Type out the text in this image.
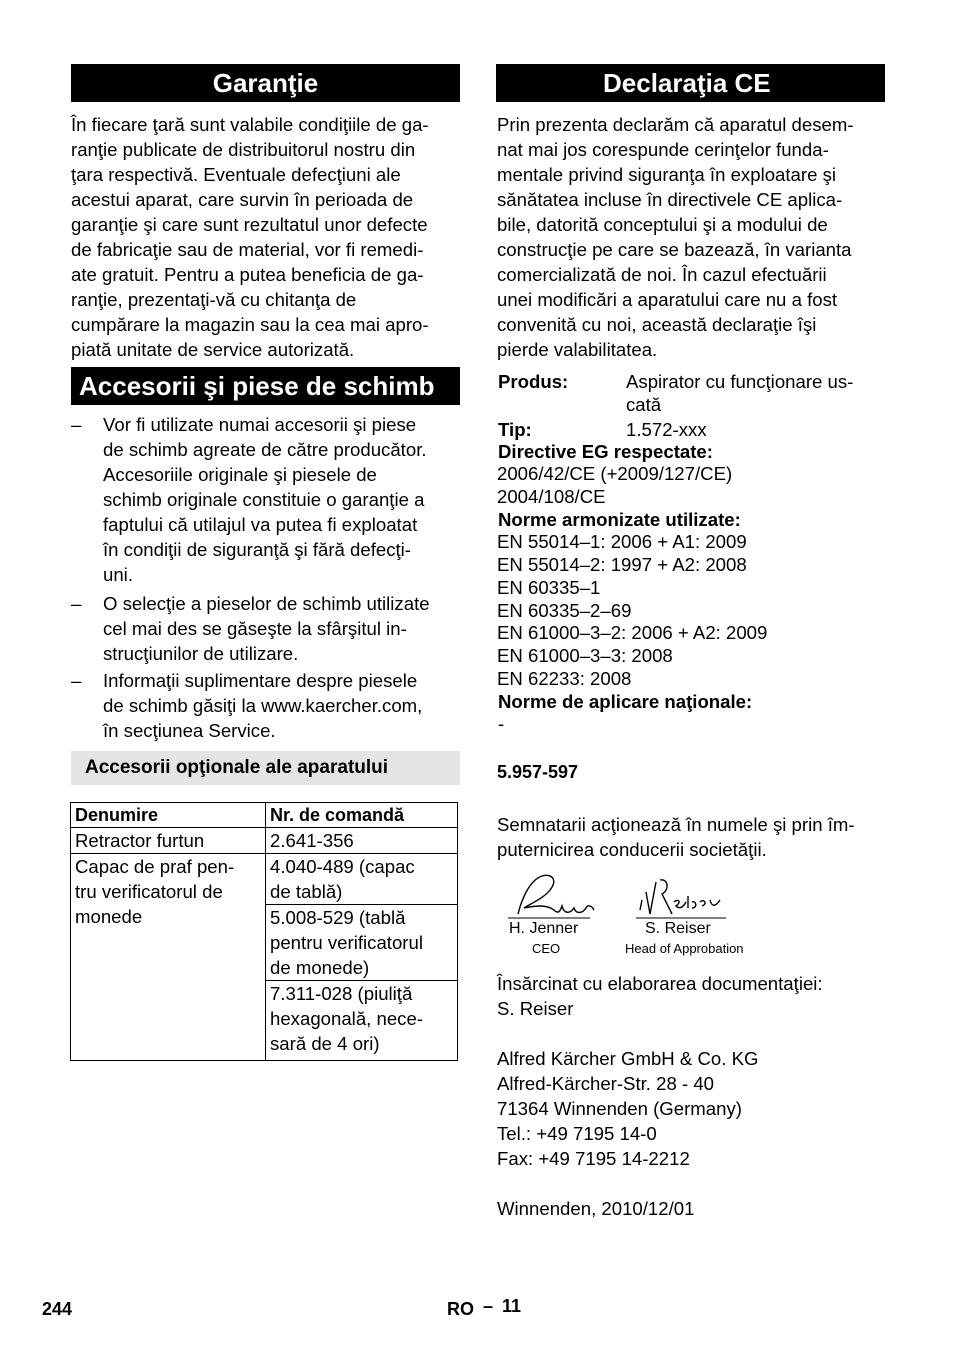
Garanţie
În fiecare ţară sunt valabile condiţiile de ga-
ranţie publicate de distribuitorul nostru din
ţara respectivă. Eventuale defecţiuni ale
acestui aparat, care survin în perioada de
garanţie şi care sunt rezultatul unor defecte
de fabricaţie sau de material, vor fi remedi-
ate gratuit. Pentru a putea beneficia de ga-
ranţie, prezentaţi-vă cu chitanţa de
cumpărare la magazin sau la cea mai apro-
piată unitate de service autorizată.
Accesorii şi piese de schimb
– Vor fi utilizate numai accesorii şi piese
de schimb agreate de către producător.
Accesoriile originale şi piesele de
schimb originale constituie o garanţie a
faptului că utilajul va putea fi exploatat
în condiţii de siguranţă şi fără defecţi-
uni.
– O selecţie a pieselor de schimb utilizate
cel mai des se găseşte la sfârşitul in-
strucţiunilor de utilizare.
– Informaţii suplimentare despre piesele
de schimb găsiţi la www.kaercher.com,
în secţiunea Service.
Accesorii opţionale ale aparatului
Denumire	Nr. de comandă
Retractor furtun	2.641-356
Capac de praf pen-
tru verificatorul de
monede	4.040-489 (capac
de tablă)
	5.008-529 (tablă
pentru verificatorul
de monede)
	7.311-028 (piuliţă
hexagonală, nece-
sară de 4 ori)
Declaraţia CE
Prin prezenta declarăm că aparatul desem-
nat mai jos corespunde cerinţelor funda-
mentale privind siguranţa în exploatare şi
sănătatea incluse în directivele CE aplica-
bile, datorită conceptului şi a modului de
construcţie pe care se bazează, în varianta
comercializată de noi. În cazul efectuării
unei modificări a aparatului care nu a fost
convenită cu noi, această declaraţie îşi
pierde valabilitatea.
Produs:	Aspirator cu funcţionare us-
cată
Tip:	1.572-xxx
Directive EG respectate:
2006/42/CE (+2009/127/CE)
2004/108/CE
Norme armonizate utilizate:
EN 55014–1: 2006 + A1: 2009
EN 55014–2: 1997 + A2: 2008
EN 60335–1
EN 60335–2–69
EN 61000–3–2: 2006 + A2: 2009
EN 61000–3–3: 2008
EN 62233: 2008
Norme de aplicare naţionale:
-
5.957-597
Semnatarii acţionează în numele şi prin îm-
puternicirea conducerii societăţii.
H. Jenner
CEO
S. Reiser
Head of Approbation
Însărcinat cu elaborarea documentaţiei:
S. Reiser
Alfred Kärcher GmbH & Co. KG
Alfred-Kärcher-Str. 28 - 40
71364 Winnenden (Germany)
Tel.: +49 7195 14-0
Fax: +49 7195 14-2212
Winnenden, 2010/12/01
244	RO – 11
